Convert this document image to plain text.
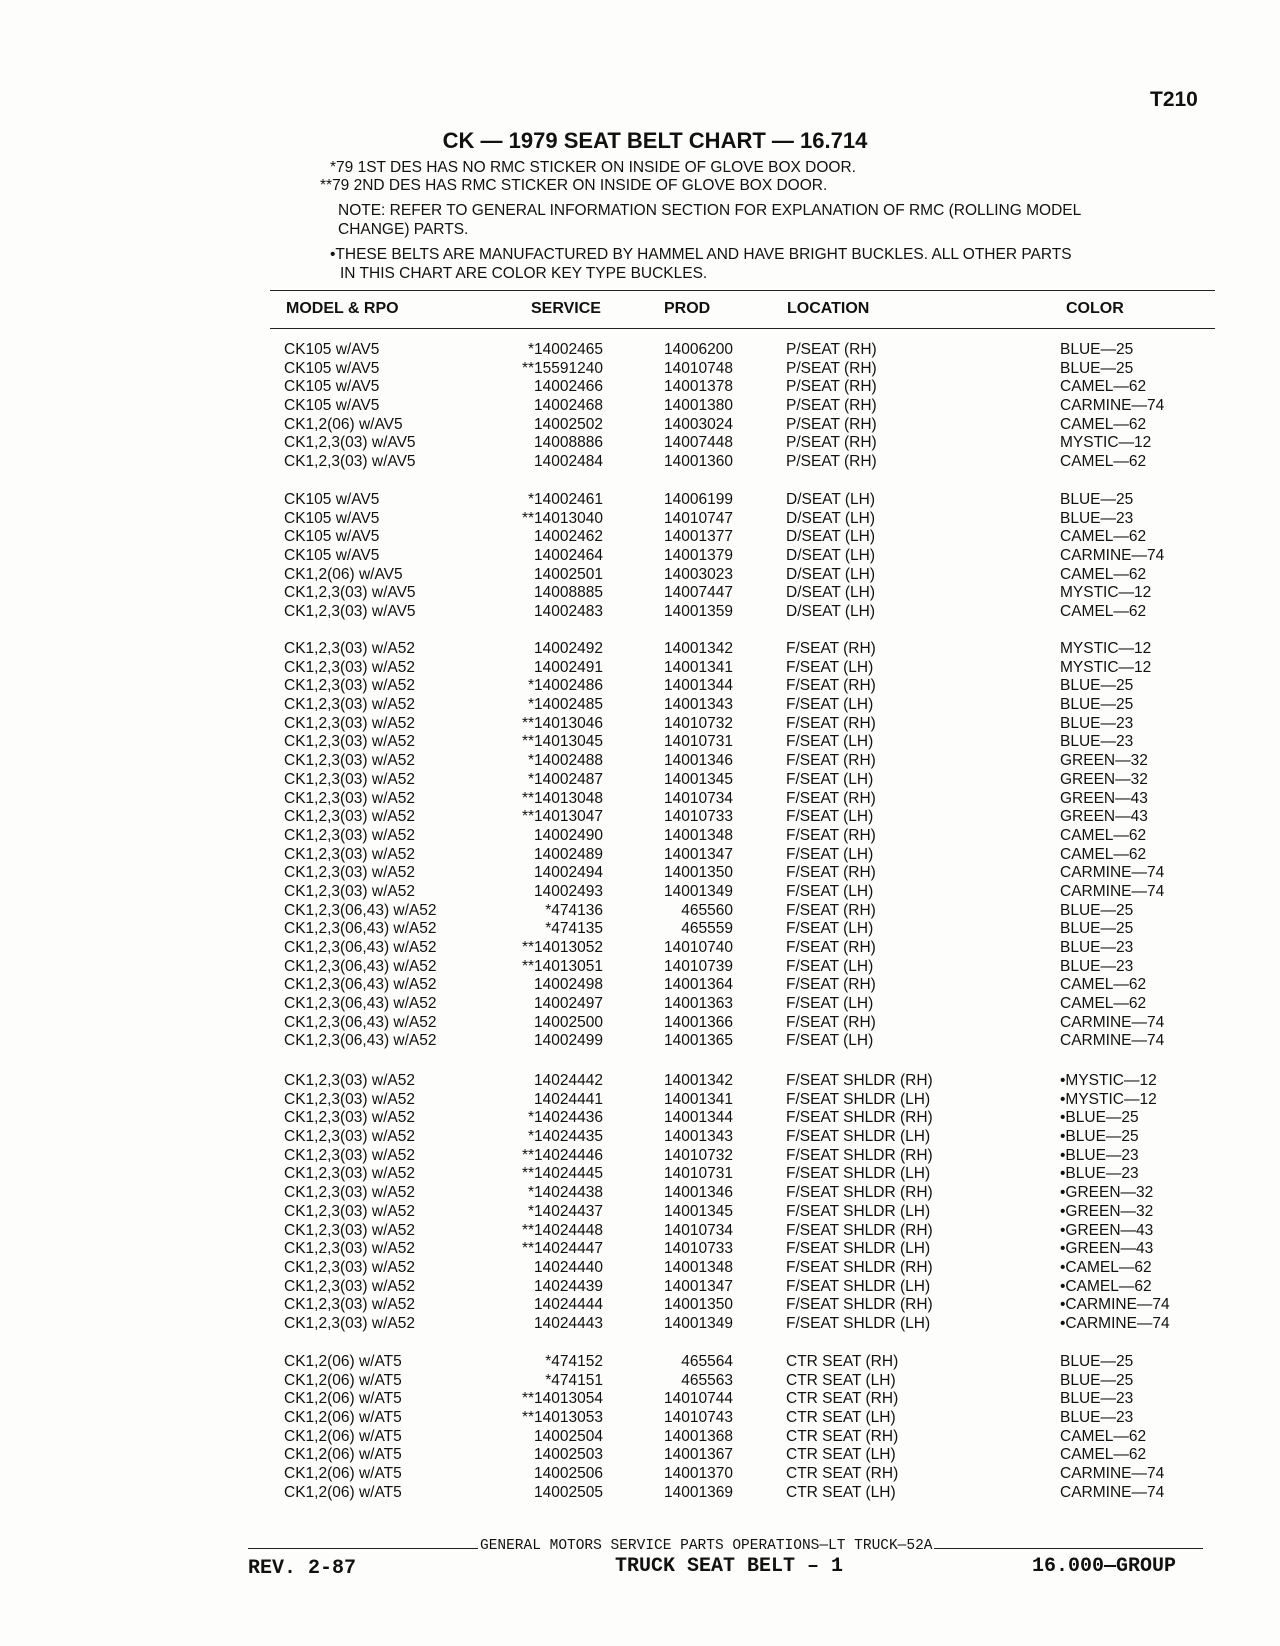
T210
CK — 1979 SEAT BELT CHART — 16.714
*79 1ST DES HAS NO RMC STICKER ON INSIDE OF GLOVE BOX DOOR.
**79 2ND DES HAS RMC STICKER ON INSIDE OF GLOVE BOX DOOR.
NOTE: REFER TO GENERAL INFORMATION SECTION FOR EXPLANATION OF RMC (ROLLING MODEL
CHANGE) PARTS.
•THESE BELTS ARE MANUFACTURED BY HAMMEL AND HAVE BRIGHT BUCKLES. ALL OTHER PARTS
IN THIS CHART ARE COLOR KEY TYPE BUCKLES.
MODEL & RPO	SERVICE	PROD	LOCATION	COLOR
CK105 w/AV5	*14002465	14006200	P/SEAT (RH)	BLUE—25
CK105 w/AV5	**15591240	14010748	P/SEAT (RH)	BLUE—25
CK105 w/AV5	14002466	14001378	P/SEAT (RH)	CAMEL—62
CK105 w/AV5	14002468	14001380	P/SEAT (RH)	CARMINE—74
CK1,2(06) w/AV5	14002502	14003024	P/SEAT (RH)	CAMEL—62
CK1,2,3(03) w/AV5	14008886	14007448	P/SEAT (RH)	MYSTIC—12
CK1,2,3(03) w/AV5	14002484	14001360	P/SEAT (RH)	CAMEL—62
CK105 w/AV5	*14002461	14006199	D/SEAT (LH)	BLUE—25
CK105 w/AV5	**14013040	14010747	D/SEAT (LH)	BLUE—23
CK105 w/AV5	14002462	14001377	D/SEAT (LH)	CAMEL—62
CK105 w/AV5	14002464	14001379	D/SEAT (LH)	CARMINE—74
CK1,2(06) w/AV5	14002501	14003023	D/SEAT (LH)	CAMEL—62
CK1,2,3(03) w/AV5	14008885	14007447	D/SEAT (LH)	MYSTIC—12
CK1,2,3(03) w/AV5	14002483	14001359	D/SEAT (LH)	CAMEL—62
CK1,2,3(03) w/A52	14002492	14001342	F/SEAT (RH)	MYSTIC—12
CK1,2,3(03) w/A52	14002491	14001341	F/SEAT (LH)	MYSTIC—12
CK1,2,3(03) w/A52	*14002486	14001344	F/SEAT (RH)	BLUE—25
CK1,2,3(03) w/A52	*14002485	14001343	F/SEAT (LH)	BLUE—25
CK1,2,3(03) w/A52	**14013046	14010732	F/SEAT (RH)	BLUE—23
CK1,2,3(03) w/A52	**14013045	14010731	F/SEAT (LH)	BLUE—23
CK1,2,3(03) w/A52	*14002488	14001346	F/SEAT (RH)	GREEN—32
CK1,2,3(03) w/A52	*14002487	14001345	F/SEAT (LH)	GREEN—32
CK1,2,3(03) w/A52	**14013048	14010734	F/SEAT (RH)	GREEN—43
CK1,2,3(03) w/A52	**14013047	14010733	F/SEAT (LH)	GREEN—43
CK1,2,3(03) w/A52	14002490	14001348	F/SEAT (RH)	CAMEL—62
CK1,2,3(03) w/A52	14002489	14001347	F/SEAT (LH)	CAMEL—62
CK1,2,3(03) w/A52	14002494	14001350	F/SEAT (RH)	CARMINE—74
CK1,2,3(03) w/A52	14002493	14001349	F/SEAT (LH)	CARMINE—74
CK1,2,3(06,43) w/A52	*474136	465560	F/SEAT (RH)	BLUE—25
CK1,2,3(06,43) w/A52	*474135	465559	F/SEAT (LH)	BLUE—25
CK1,2,3(06,43) w/A52	**14013052	14010740	F/SEAT (RH)	BLUE—23
CK1,2,3(06,43) w/A52	**14013051	14010739	F/SEAT (LH)	BLUE—23
CK1,2,3(06,43) w/A52	14002498	14001364	F/SEAT (RH)	CAMEL—62
CK1,2,3(06,43) w/A52	14002497	14001363	F/SEAT (LH)	CAMEL—62
CK1,2,3(06,43) w/A52	14002500	14001366	F/SEAT (RH)	CARMINE—74
CK1,2,3(06,43) w/A52	14002499	14001365	F/SEAT (LH)	CARMINE—74
CK1,2,3(03) w/A52	14024442	14001342	F/SEAT SHLDR (RH)	•MYSTIC—12
CK1,2,3(03) w/A52	14024441	14001341	F/SEAT SHLDR (LH)	•MYSTIC—12
CK1,2,3(03) w/A52	*14024436	14001344	F/SEAT SHLDR (RH)	•BLUE—25
CK1,2,3(03) w/A52	*14024435	14001343	F/SEAT SHLDR (LH)	•BLUE—25
CK1,2,3(03) w/A52	**14024446	14010732	F/SEAT SHLDR (RH)	•BLUE—23
CK1,2,3(03) w/A52	**14024445	14010731	F/SEAT SHLDR (LH)	•BLUE—23
CK1,2,3(03) w/A52	*14024438	14001346	F/SEAT SHLDR (RH)	•GREEN—32
CK1,2,3(03) w/A52	*14024437	14001345	F/SEAT SHLDR (LH)	•GREEN—32
CK1,2,3(03) w/A52	**14024448	14010734	F/SEAT SHLDR (RH)	•GREEN—43
CK1,2,3(03) w/A52	**14024447	14010733	F/SEAT SHLDR (LH)	•GREEN—43
CK1,2,3(03) w/A52	14024440	14001348	F/SEAT SHLDR (RH)	•CAMEL—62
CK1,2,3(03) w/A52	14024439	14001347	F/SEAT SHLDR (LH)	•CAMEL—62
CK1,2,3(03) w/A52	14024444	14001350	F/SEAT SHLDR (RH)	•CARMINE—74
CK1,2,3(03) w/A52	14024443	14001349	F/SEAT SHLDR (LH)	•CARMINE—74
CK1,2(06) w/AT5	*474152	465564	CTR SEAT (RH)	BLUE—25
CK1,2(06) w/AT5	*474151	465563	CTR SEAT (LH)	BLUE—25
CK1,2(06) w/AT5	**14013054	14010744	CTR SEAT (RH)	BLUE—23
CK1,2(06) w/AT5	**14013053	14010743	CTR SEAT (LH)	BLUE—23
CK1,2(06) w/AT5	14002504	14001368	CTR SEAT (RH)	CAMEL—62
CK1,2(06) w/AT5	14002503	14001367	CTR SEAT (LH)	CAMEL—62
CK1,2(06) w/AT5	14002506	14001370	CTR SEAT (RH)	CARMINE—74
CK1,2(06) w/AT5	14002505	14001369	CTR SEAT (LH)	CARMINE—74
GENERAL MOTORS SERVICE PARTS OPERATIONS—LT TRUCK—52A
REV. 2-87	TRUCK SEAT BELT – 1	16.000—GROUP
